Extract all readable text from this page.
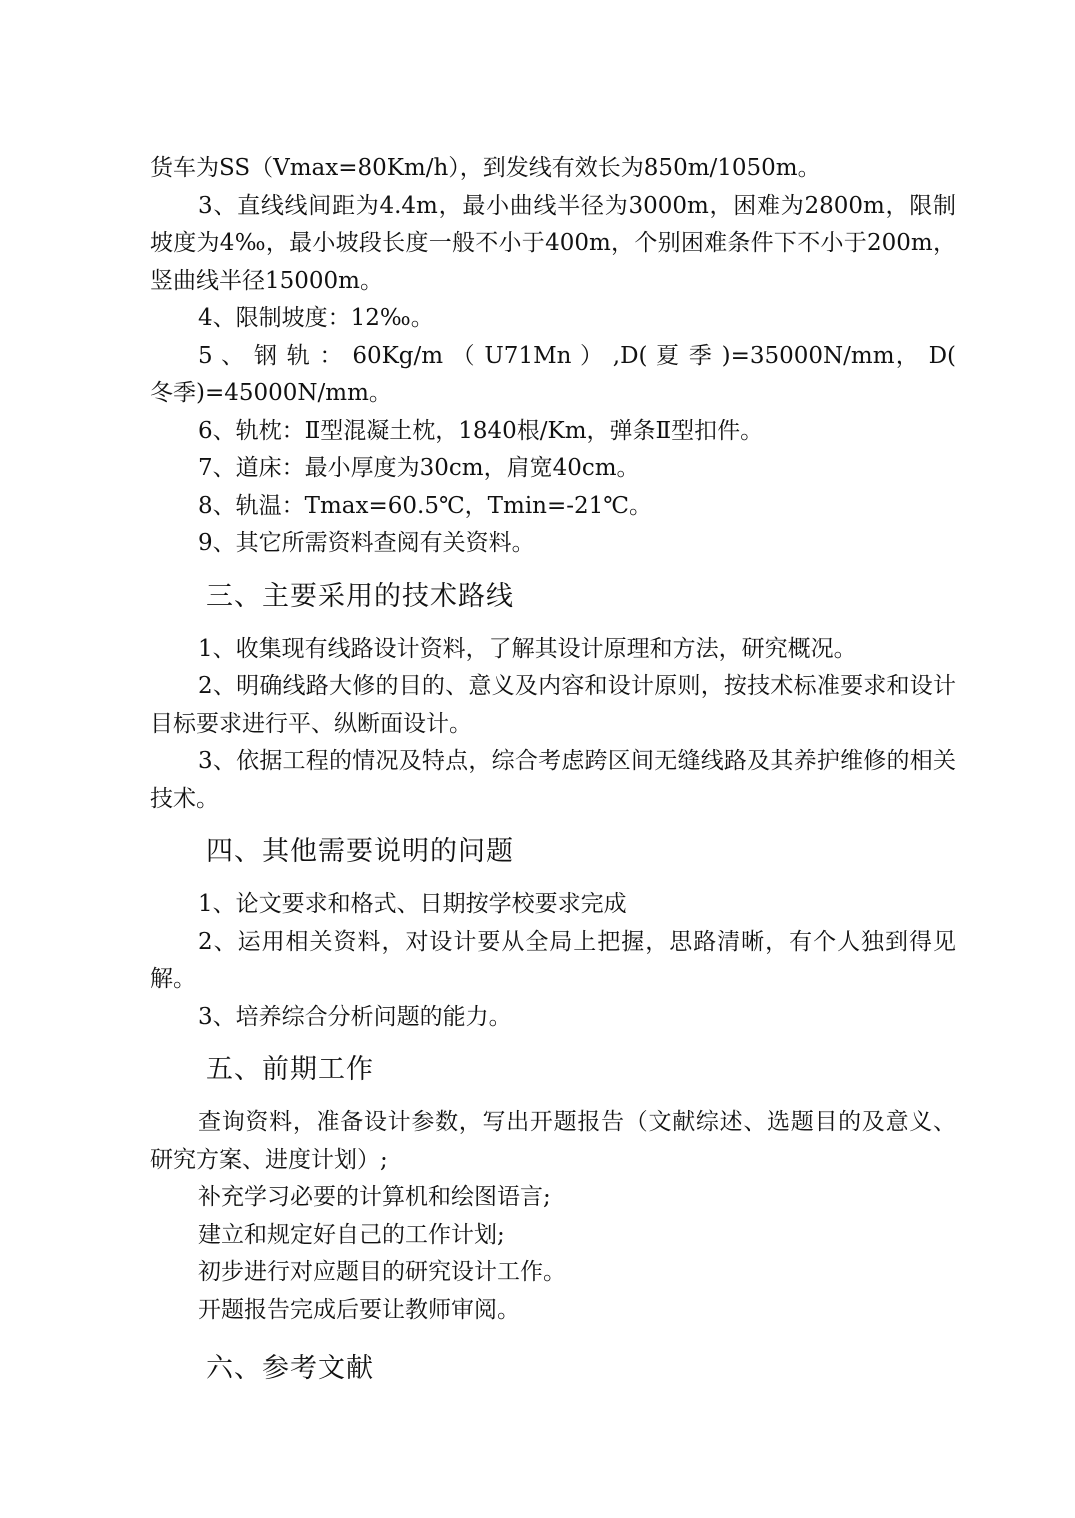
货车为SS（Vmax=80Km/h），到发线有效长为850m/1050m。

3、直线线间距为4.4m，最小曲线半径为3000m，困难为2800m，限制坡度为4‰，最小坡段长度一般不小于400m，个别困难条件下不小于200m，竖曲线半径15000m。

4、限制坡度：12‰。

5 、 钢 轨 ： 60Kg/m （ U71Mn ） ,D( 夏 季 )=35000N/mm， D( 冬季)=45000N/mm。

6、轨枕：Ⅱ型混凝土枕，1840根/Km，弹条Ⅱ型扣件。

7、道床：最小厚度为30cm，肩宽40cm。

8、轨温：Tmax=60.5℃，Tmin=-21℃。

9、其它所需资料查阅有关资料。

三、主要采用的技术路线

1、收集现有线路设计资料，了解其设计原理和方法，研究概况。

2、明确线路大修的目的、意义及内容和设计原则，按技术标准要求和设计目标要求进行平、纵断面设计。

3、依据工程的情况及特点，综合考虑跨区间无缝线路及其养护维修的相关技术。

四、其他需要说明的问题

1、论文要求和格式、日期按学校要求完成

2、运用相关资料，对设计要从全局上把握，思路清晰，有个人独到得见解。

3、培养综合分析问题的能力。

五、前期工作

查询资料，准备设计参数，写出开题报告（文献综述、选题目的及意义、研究方案、进度计划）;

补充学习必要的计算机和绘图语言;

建立和规定好自己的工作计划;

初步进行对应题目的研究设计工作。

开题报告完成后要让教师审阅。

六、参考文献
